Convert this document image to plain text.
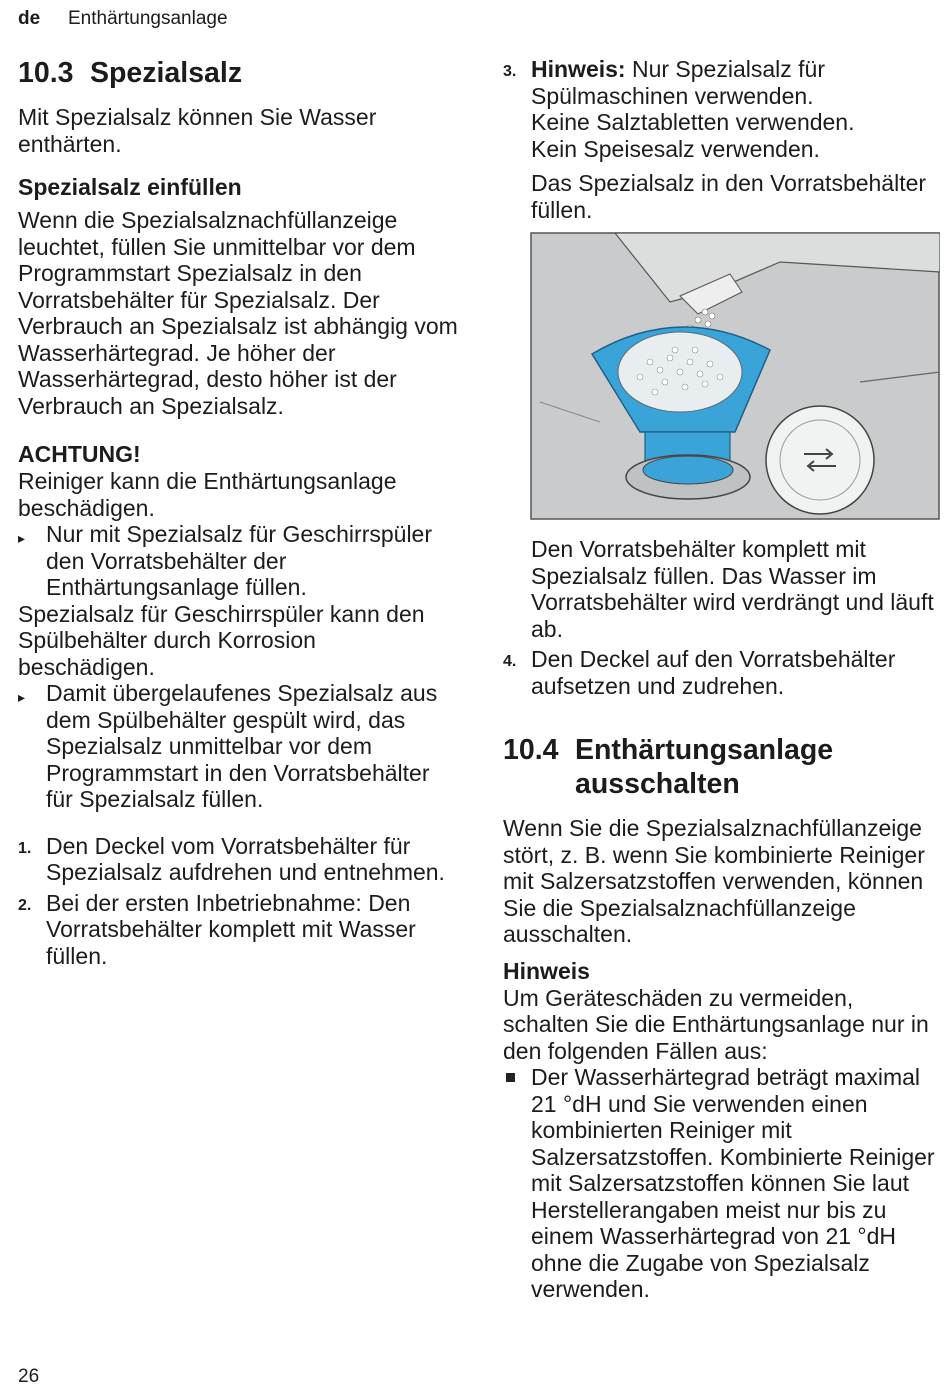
de Enthärtungsanlage
10.3 Spezialsalz

Mit Spezialsalz können Sie Wasser enthärten.

Spezialsalz einfüllen

Wenn die Spezialsalznachfüllanzeige leuchtet, füllen Sie unmittelbar vor dem Programmstart Spezialsalz in den Vorratsbehälter für Spezialsalz. Der Verbrauch an Spezialsalz ist abhängig vom Wasserhärtegrad. Je höher der Wasserhärtegrad, desto höher ist der Verbrauch an Spezialsalz.

ACHTUNG!

Reiniger kann die Enthärtungsanlage beschädigen.

▸ Nur mit Spezialsalz für Geschirrspüler den Vorratsbehälter der Enthärtungsanlage füllen.

Spezialsalz für Geschirrspüler kann den Spülbehälter durch Korrosion beschädigen.

▸ Damit übergelaufenes Spezialsalz aus dem Spülbehälter gespült wird, das Spezialsalz unmittelbar vor dem Programmstart in den Vorratsbehälter für Spezialsalz füllen.
1. Den Deckel vom Vorratsbehälter für Spezialsalz aufdrehen und entnehmen.
2. Bei der ersten Inbetriebnahme: Den Vorratsbehälter komplett mit Wasser füllen.
3. Hinweis: Nur Spezialsalz für Spülmaschinen verwenden.
Keine Salztabletten verwenden.
Kein Speisesalz verwenden.

Das Spezialsalz in den Vorratsbehälter füllen.

Den Vorratsbehälter komplett mit Spezialsalz füllen. Das Wasser im Vorratsbehälter wird verdrängt und läuft ab.

4. Den Deckel auf den Vorratsbehälter aufsetzen und zudrehen.
10.4 Enthärtungsanlage ausschalten

Wenn Sie die Spezialsalznachfüllanzeige stört, z. B. wenn Sie kombinierte Reiniger mit Salzersatzstoffen verwenden, können Sie die Spezialsalznachfüllanzeige ausschalten.

Hinweis

Um Geräteschäden zu vermeiden, schalten Sie die Enthärtungsanlage nur in den folgenden Fällen aus:

Der Wasserhärtegrad beträgt maximal 21 °dH und Sie verwenden einen kombinierten Reiniger mit Salzersatzstoffen. Kombinierte Reiniger mit Salzersatzstoffen können Sie laut Herstellerangaben meist nur bis zu einem Wasserhärtegrad von 21 °dH ohne die Zugabe von Spezialsalz verwenden.
26
